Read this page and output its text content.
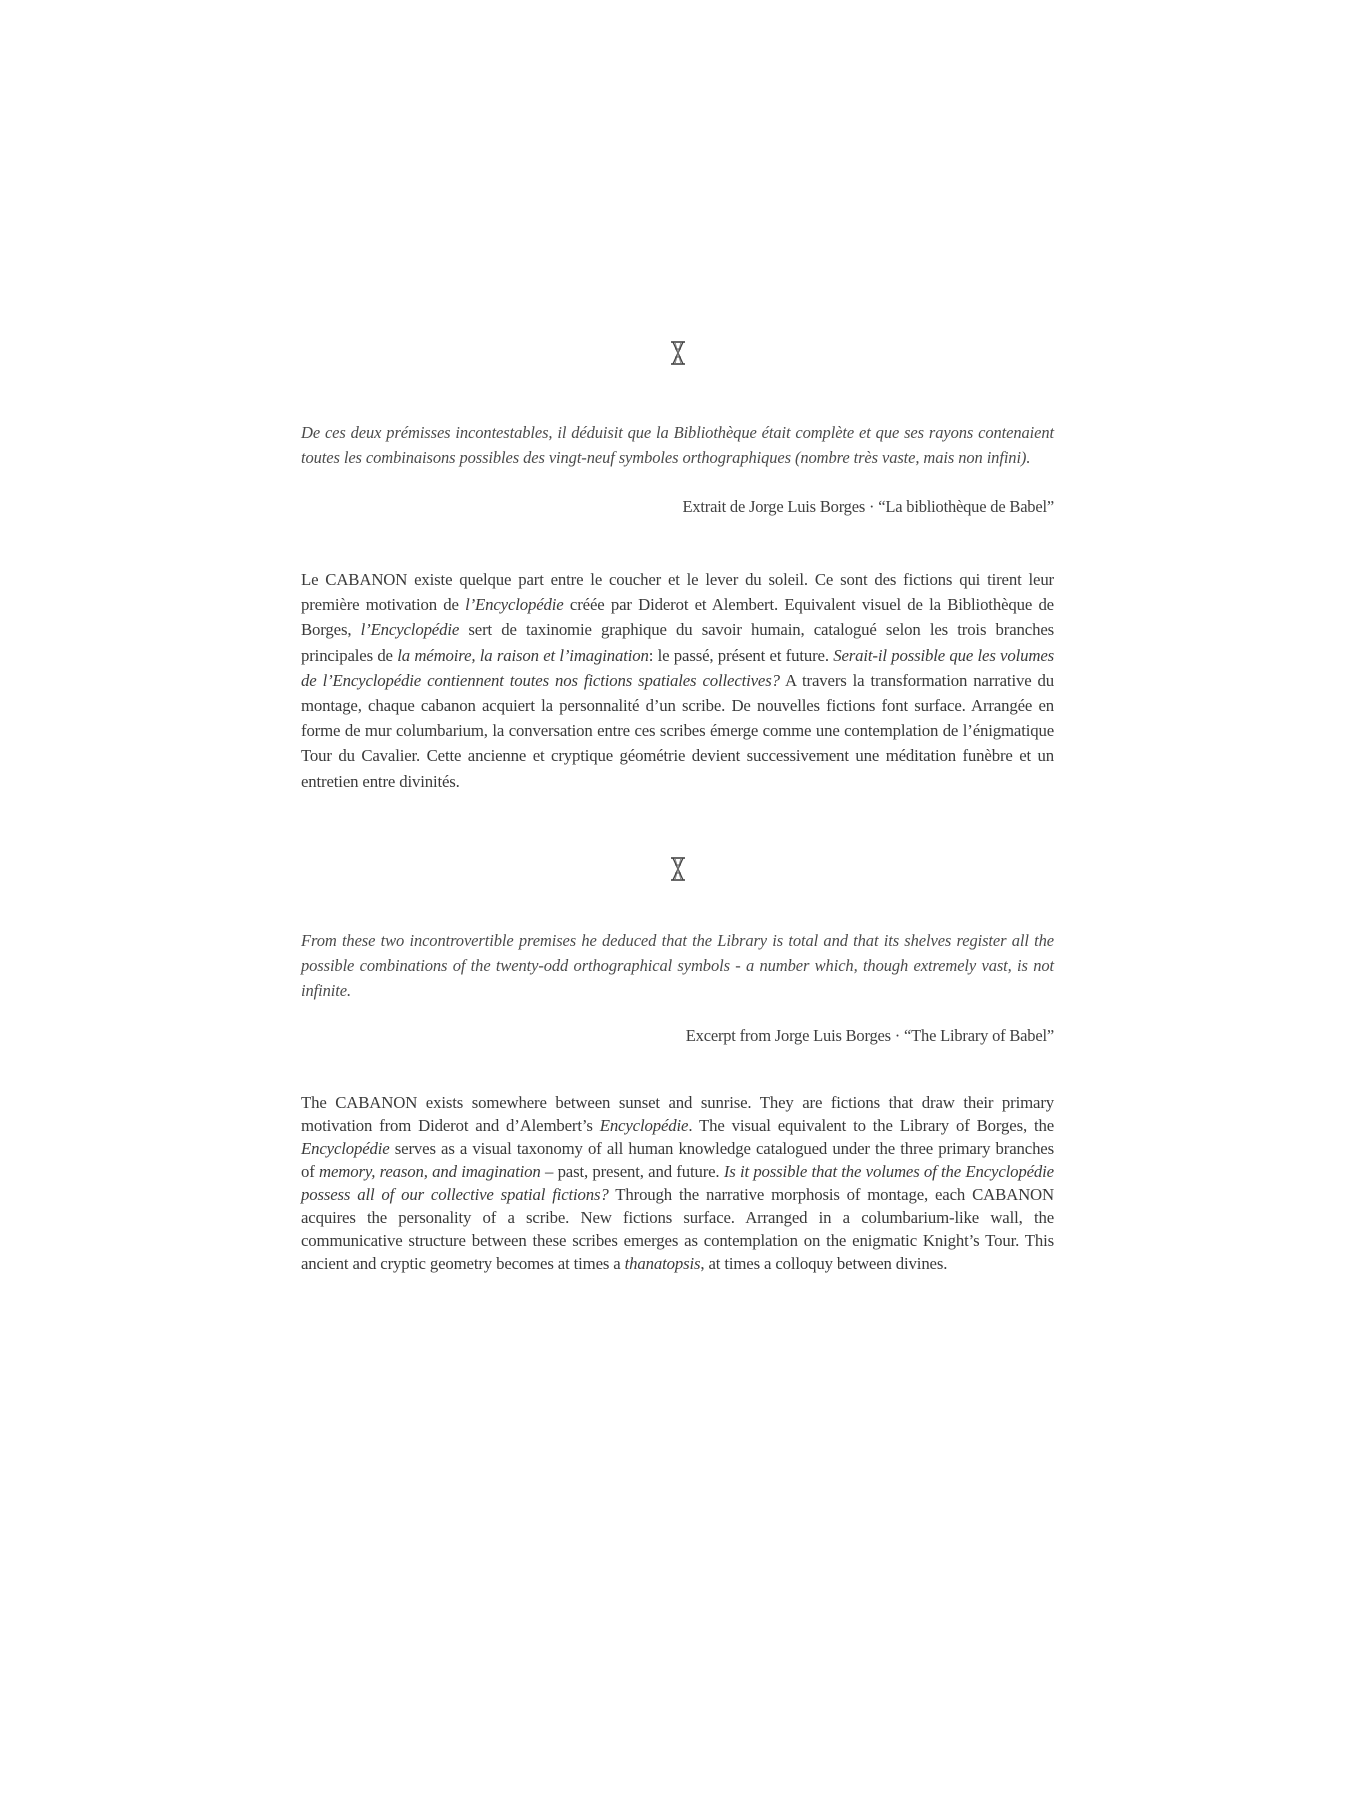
De ces deux prémisses incontestables, il déduisit que la Bibliothèque était complète et que ses rayons contenaient toutes les combinaisons possibles des vingt-neuf symboles orthographiques (nombre très vaste, mais non infini).

Extrait de Jorge Luis Borges · “La bibliothèque de Babel”

Le CABANON existe quelque part entre le coucher et le lever du soleil. Ce sont des fictions qui tirent leur première motivation de l’Encyclopédie créée par Diderot et Alembert. Equivalent visuel de la Bibliothèque de Borges, l’Encyclopédie sert de taxinomie graphique du savoir humain, catalogué selon les trois branches principales de la mémoire, la raison et l’imagination: le passé, présent et future. Serait-il possible que les volumes de l’Encyclopédie contiennent toutes nos fictions spatiales collectives? A travers la transformation narrative du montage, chaque cabanon acquiert la personnalité d’un scribe. De nouvelles fictions font surface. Arrangée en forme de mur columbarium, la conversation entre ces scribes émerge comme une contemplation de l’énigmatique Tour du Cavalier. Cette ancienne et cryptique géométrie devient successivement une méditation funèbre et un entretien entre divinités.

From these two incontrovertible premises he deduced that the Library is total and that its shelves register all the possible combinations of the twenty-odd orthographical symbols - a number which, though extremely vast, is not infinite.

Excerpt from Jorge Luis Borges · “The Library of Babel”

The CABANON exists somewhere between sunset and sunrise. They are fictions that draw their primary motivation from Diderot and d’Alembert’s Encyclopédie. The visual equivalent to the Library of Borges, the Encyclopédie serves as a visual taxonomy of all human knowledge catalogued under the three primary branches of memory, reason, and imagination – past, present, and future. Is it possible that the volumes of the Encyclopédie possess all of our collective spatial fictions? Through the narrative morphosis of montage, each CABANON acquires the personality of a scribe. New fictions surface. Arranged in a columbarium-like wall, the communicative structure between these scribes emerges as contemplation on the enigmatic Knight’s Tour. This ancient and cryptic geometry becomes at times a thanatopsis, at times a colloquy between divines.
